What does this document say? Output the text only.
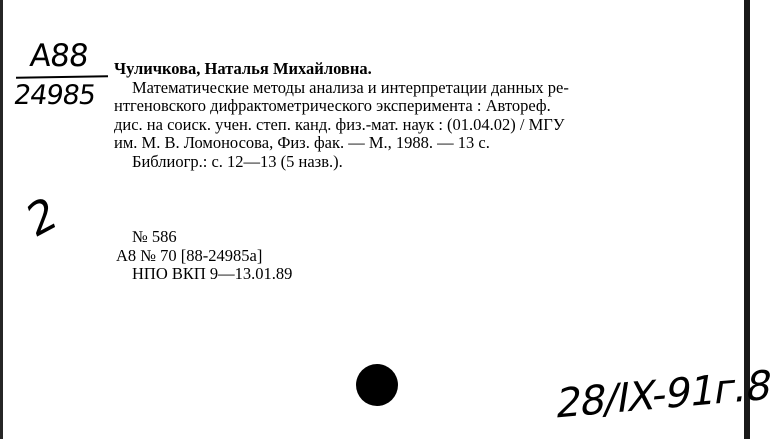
А88
24985
Чуличкова, Наталья Михайловна.
Математические методы анализа и интерпретации данных ре-
нтгеновского дифрактометрического эксперимента : Автореф.
дис. на соиск. учен. степ. канд. физ.-мат. наук : (01.04.02) / МГУ
им. М. В. Ломоносова, Физ. фак. — М., 1988. — 13 с.
Библиогр.: с. 12—13 (5 назв.).
2	№ 586
А8 № 70 [88-24985а]
НПО ВКП 9—13.01.89
28/IX-91г.8
